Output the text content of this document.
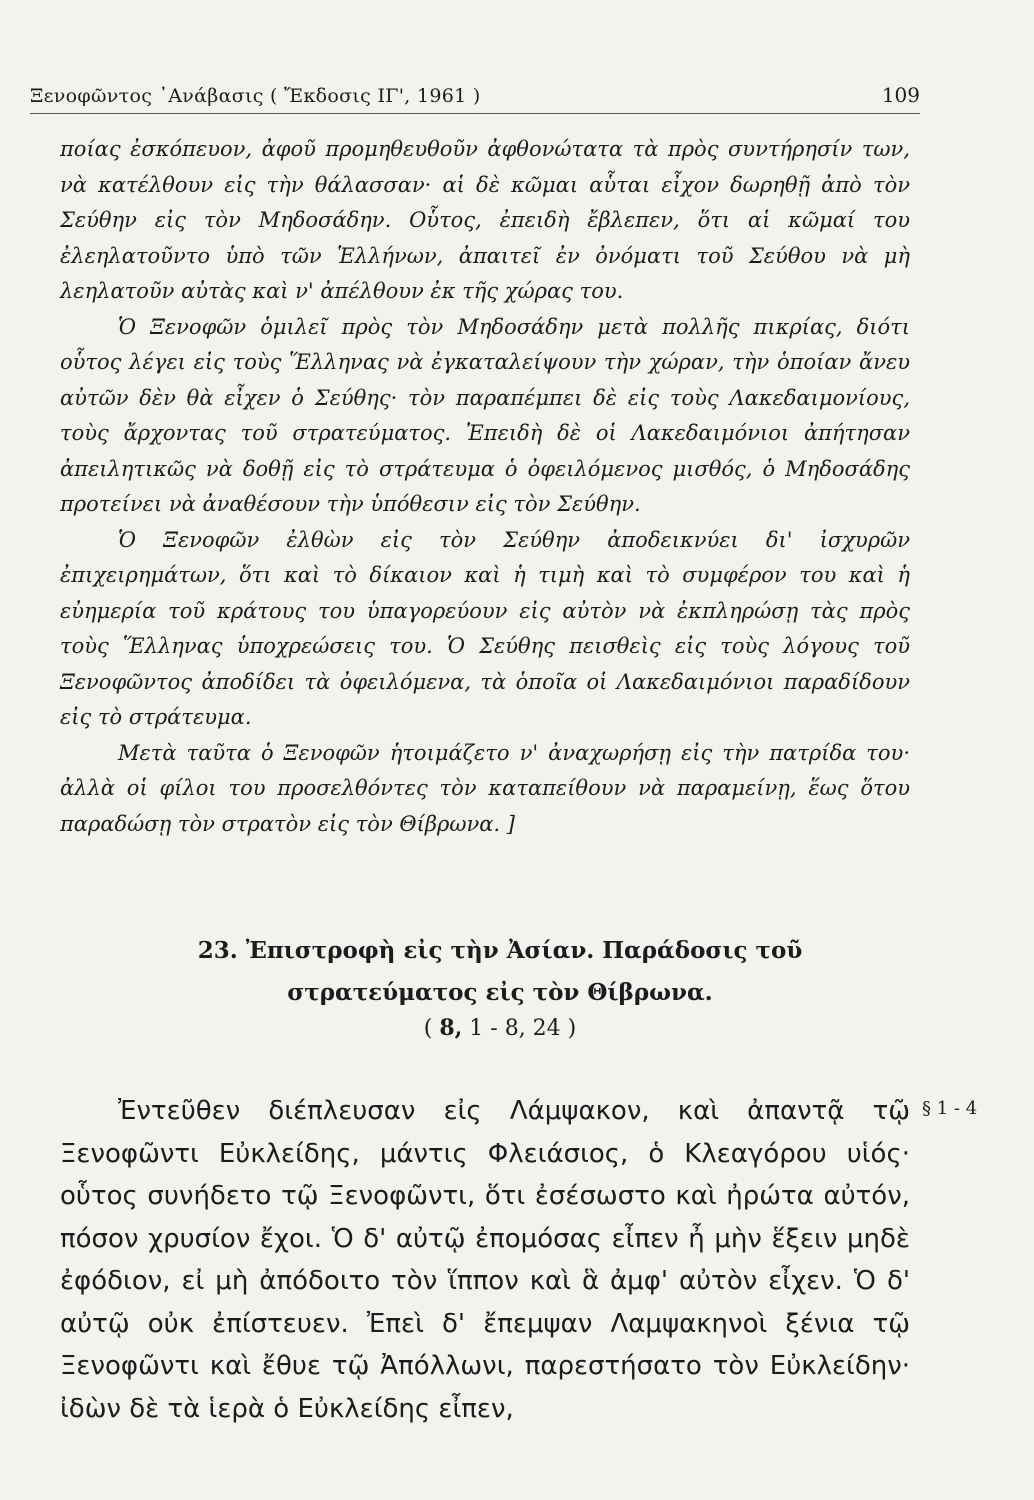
Ξενοφῶντος ᾿Ανάβασις ( Ἔκδοσις ΙΓ', 1961 )	109

ποίας ἐσκόπευον, ἀφοῦ προμηθευθοῦν ἀφθονώτατα τὰ πρὸς συντήρησίν των, νὰ κατέλθουν εἰς τὴν θάλασσαν· αἱ δὲ κῶμαι αὗται εἶχον δωρηθῇ ἀπὸ τὸν Σεύθην εἰς τὸν Μηδοσάδην. Οὗτος, ἐπειδὴ ἔβλεπεν, ὅτι αἱ κῶμαί του ἐλεηλατοῦντο ὑπὸ τῶν Ἑλλήνων, ἀπαιτεῖ ἐν ὀνόματι τοῦ Σεύθου νὰ μὴ λεηλατοῦν αὐτὰς καὶ ν' ἀπέλθουν ἐκ τῆς χώρας του.

Ὁ Ξενοφῶν ὁμιλεῖ πρὸς τὸν Μηδοσάδην μετὰ πολλῆς πικρίας, διότι οὗτος λέγει εἰς τοὺς Ἕλληνας νὰ ἐγκαταλείψουν τὴν χώραν, τὴν ὁποίαν ἄνευ αὐτῶν δὲν θὰ εἶχεν ὁ Σεύθης· τὸν παραπέμπει δὲ εἰς τοὺς Λακεδαιμονίους, τοὺς ἄρχοντας τοῦ στρατεύματος. Ἐπειδὴ δὲ οἱ Λακεδαιμόνιοι ἀπήτησαν ἀπειλητικῶς νὰ δοθῇ εἰς τὸ στράτευμα ὁ ὀφειλόμενος μισθός, ὁ Μηδοσάδης προτείνει νὰ ἀναθέσουν τὴν ὑπόθεσιν εἰς τὸν Σεύθην.

Ὁ Ξενοφῶν ἐλθὼν εἰς τὸν Σεύθην ἀποδεικνύει δι' ἰσχυρῶν ἐπιχειρημάτων, ὅτι καὶ τὸ δίκαιον καὶ ἡ τιμὴ καὶ τὸ συμφέρον του καὶ ἡ εὐημερία τοῦ κράτους του ὑπαγορεύουν εἰς αὐτὸν νὰ ἐκπληρώσῃ τὰς πρὸς τοὺς Ἕλληνας ὑποχρεώσεις του. Ὁ Σεύθης πεισθεὶς εἰς τοὺς λόγους τοῦ Ξενοφῶντος ἀποδίδει τὰ ὀφειλόμενα, τὰ ὁποῖα οἱ Λακεδαιμόνιοι παραδίδουν εἰς τὸ στράτευμα.

Μετὰ ταῦτα ὁ Ξενοφῶν ἡτοιμάζετο ν' ἀναχωρήσῃ εἰς τὴν πατρίδα του· ἀλλὰ οἱ φίλοι του προσελθόντες τὸν καταπείθουν νὰ παραμείνῃ, ἕως ὅτου παραδώσῃ τὸν στρατὸν εἰς τὸν Θίβρωνα. ]

23. Ἐπιστροφὴ εἰς τὴν Ἀσίαν. Παράδοσις τοῦ
στρατεύματος εἰς τὸν Θίβρωνα.
( 8, 1 - 8, 24 )

Ἐντεῦθεν διέπλευσαν εἰς Λάμψακον, καὶ ἀπαντᾷ τῷ Ξενοφῶντι Εὐκλείδης, μάντις Φλειάσιος, ὁ Κλεαγόρου υἱός· οὗτος συνήδετο τῷ Ξενοφῶντι, ὅτι ἐσέσωστο καὶ ἠρώτα αὐτόν, πόσον χρυσίον ἔχοι. Ὁ δ' αὐτῷ ἐπομόσας εἶπεν ἦ μὴν ἕξειν μηδὲ ἐφόδιον, εἰ μὴ ἀπόδοιτο τὸν ἵππον καὶ ἃ ἀμφ' αὐτὸν εἶχεν. Ὁ δ' αὐτῷ οὐκ ἐπίστευεν. Ἐπεὶ δ' ἔπεμψαν Λαμψακηνοὶ ξένια τῷ Ξενοφῶντι καὶ ἔθυε τῷ Ἀπόλλωνι, παρεστήσατο τὸν Εὐκλείδην· ἰδὼν δὲ τὰ ἱερὰ ὁ Εὐκλείδης εἶπεν,

§ 1 - 4
